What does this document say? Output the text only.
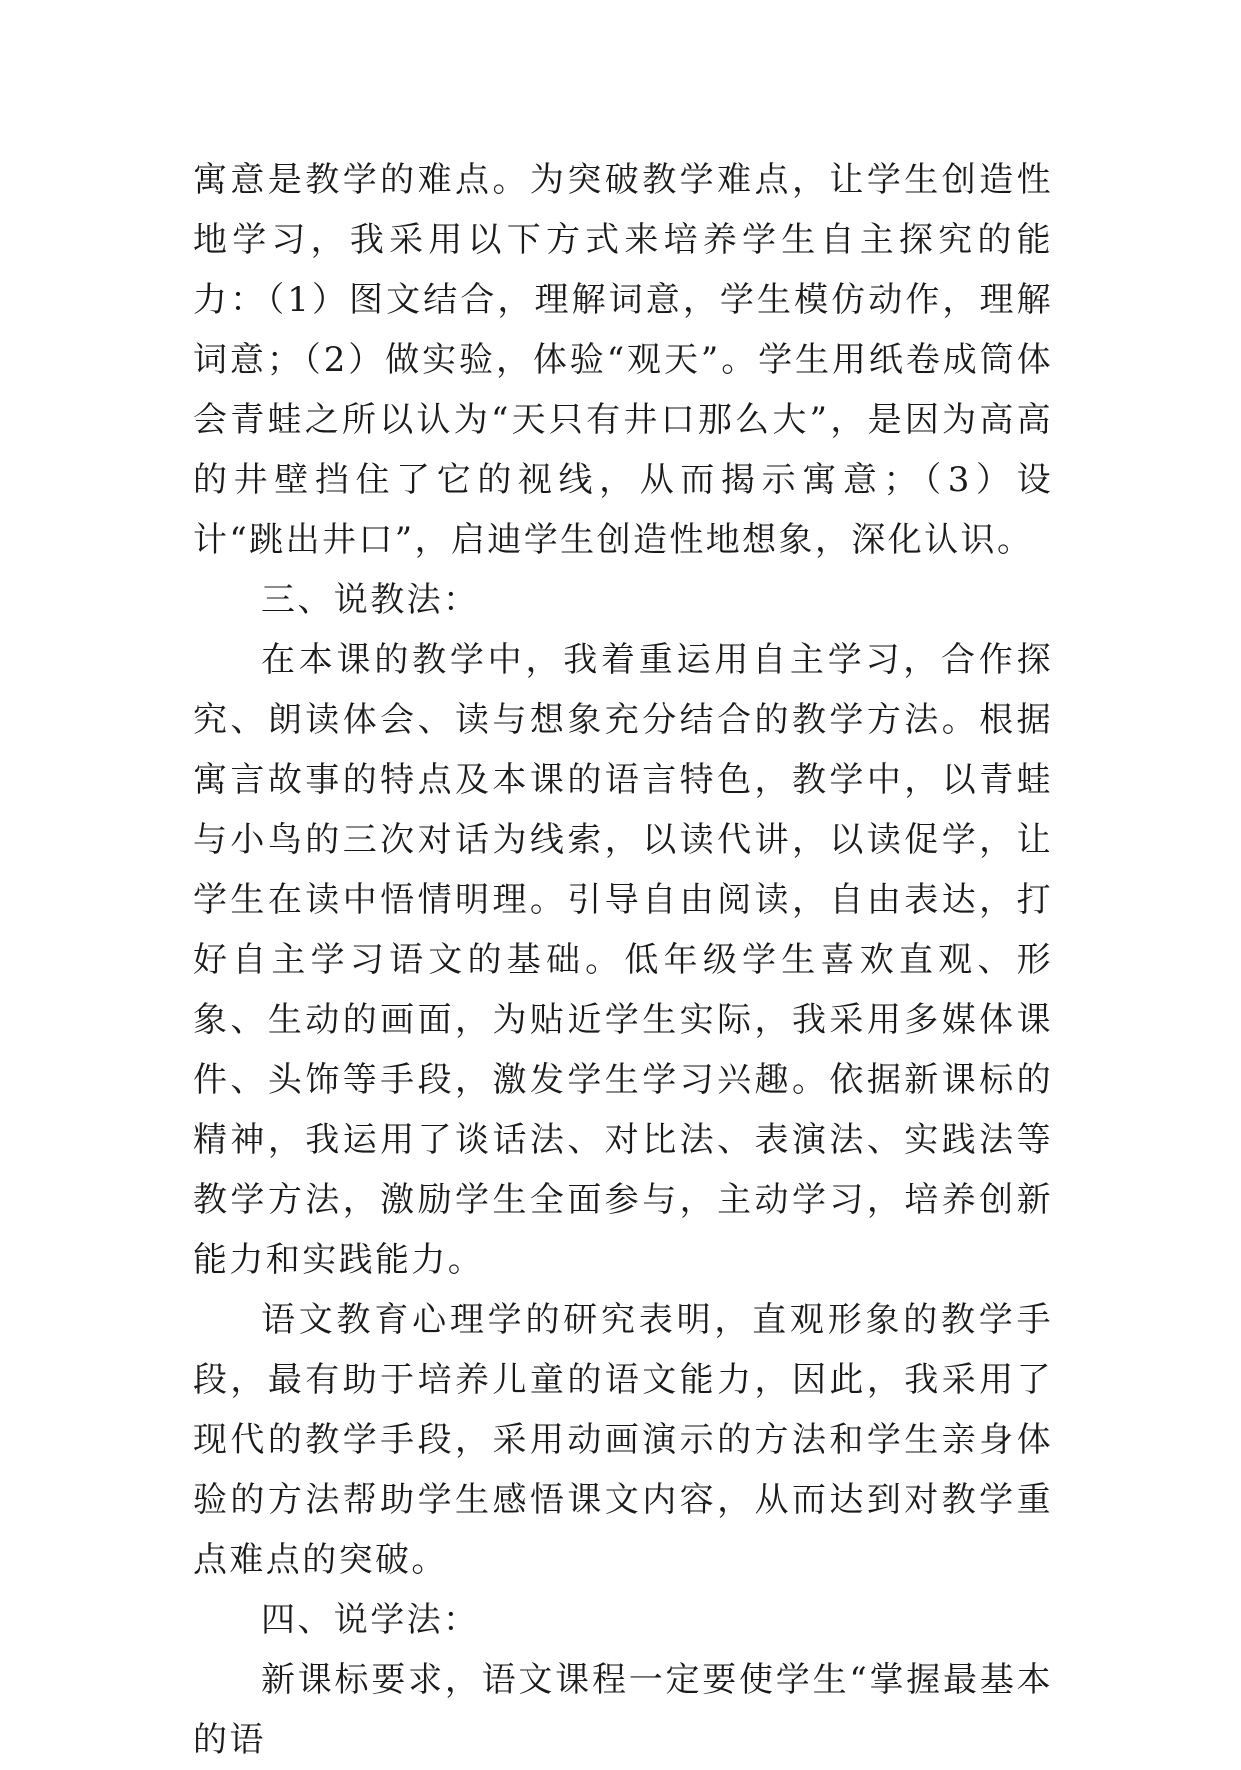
寓意是教学的难点。为突破教学难点，让学生创造性地学习，我采用以下方式来培养学生自主探究的能力：（1）图文结合，理解词意，学生模仿动作，理解词意；（2）做实验，体验“观天”。学生用纸卷成筒体会青蛙之所以认为“天只有井口那么大”，是因为高高的井壁挡住了它的视线，从而揭示寓意；（3）设计“跳出井口”，启迪学生创造性地想象，深化认识。

三、说教法：

在本课的教学中，我着重运用自主学习，合作探究、朗读体会、读与想象充分结合的教学方法。根据寓言故事的特点及本课的语言特色，教学中，以青蛙与小鸟的三次对话为线索，以读代讲，以读促学，让学生在读中悟情明理。引导自由阅读，自由表达，打好自主学习语文的基础。低年级学生喜欢直观、形象、生动的画面，为贴近学生实际，我采用多媒体课件、头饰等手段，激发学生学习兴趣。依据新课标的精神，我运用了谈话法、对比法、表演法、实践法等教学方法，激励学生全面参与，主动学习，培养创新能力和实践能力。

语文教育心理学的研究表明，直观形象的教学手段，最有助于培养儿童的语文能力，因此，我采用了现代的教学手段，采用动画演示的方法和学生亲身体验的方法帮助学生感悟课文内容，从而达到对教学重点难点的突破。

四、说学法：

新课标要求，语文课程一定要使学生“掌握最基本的语
